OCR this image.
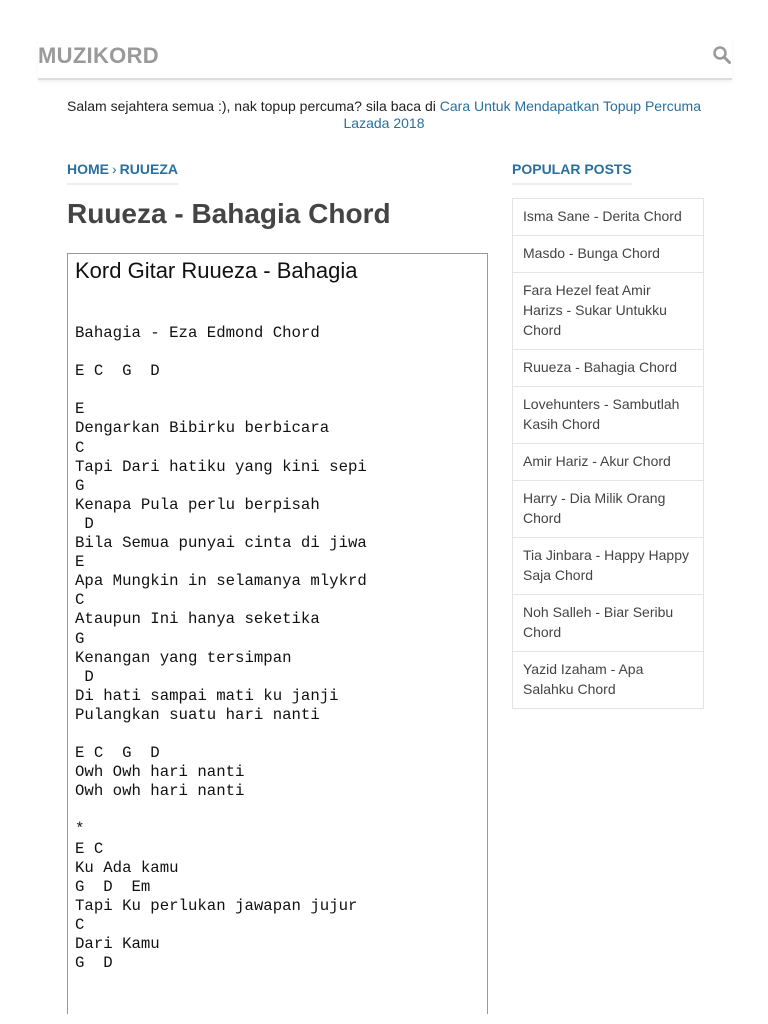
MUZIKORD
Salam sejahtera semua :), nak topup percuma? sila baca di Cara Untuk Mendapatkan Topup Percuma Lazada 2018
HOME › RUUEZA
Ruueza - Bahagia Chord
Kord Gitar Ruueza - Bahagia
Bahagia - Eza Edmond Chord

E C  G  D

E
Dengarkan Bibirku berbicara
C
Tapi Dari hatiku yang kini sepi
G
Kenapa Pula perlu berpisah
D
Bila Semua punyai cinta di jiwa
E
Apa Mungkin in selamanya mlykrd
C
Ataupun Ini hanya seketika
G
Kenangan yang tersimpan
D
Di hati sampai mati ku janji
Pulangkan suatu hari nanti

E C  G  D
Owh Owh hari nanti
Owh owh hari nanti

*
E C
Ku Ada kamu
G  D  Em
Tapi Ku perlukan jawapan jujur
C
Dari Kamu
G  D
POPULAR POSTS
Isma Sane - Derita Chord
Masdo - Bunga Chord
Fara Hezel feat Amir Harizs - Sukar Untukku Chord
Ruueza - Bahagia Chord
Lovehunters - Sambutlah Kasih Chord
Amir Hariz - Akur Chord
Harry - Dia Milik Orang Chord
Tia Jinbara - Happy Happy Saja Chord
Noh Salleh - Biar Seribu Chord
Yazid Izaham - Apa Salahku Chord
